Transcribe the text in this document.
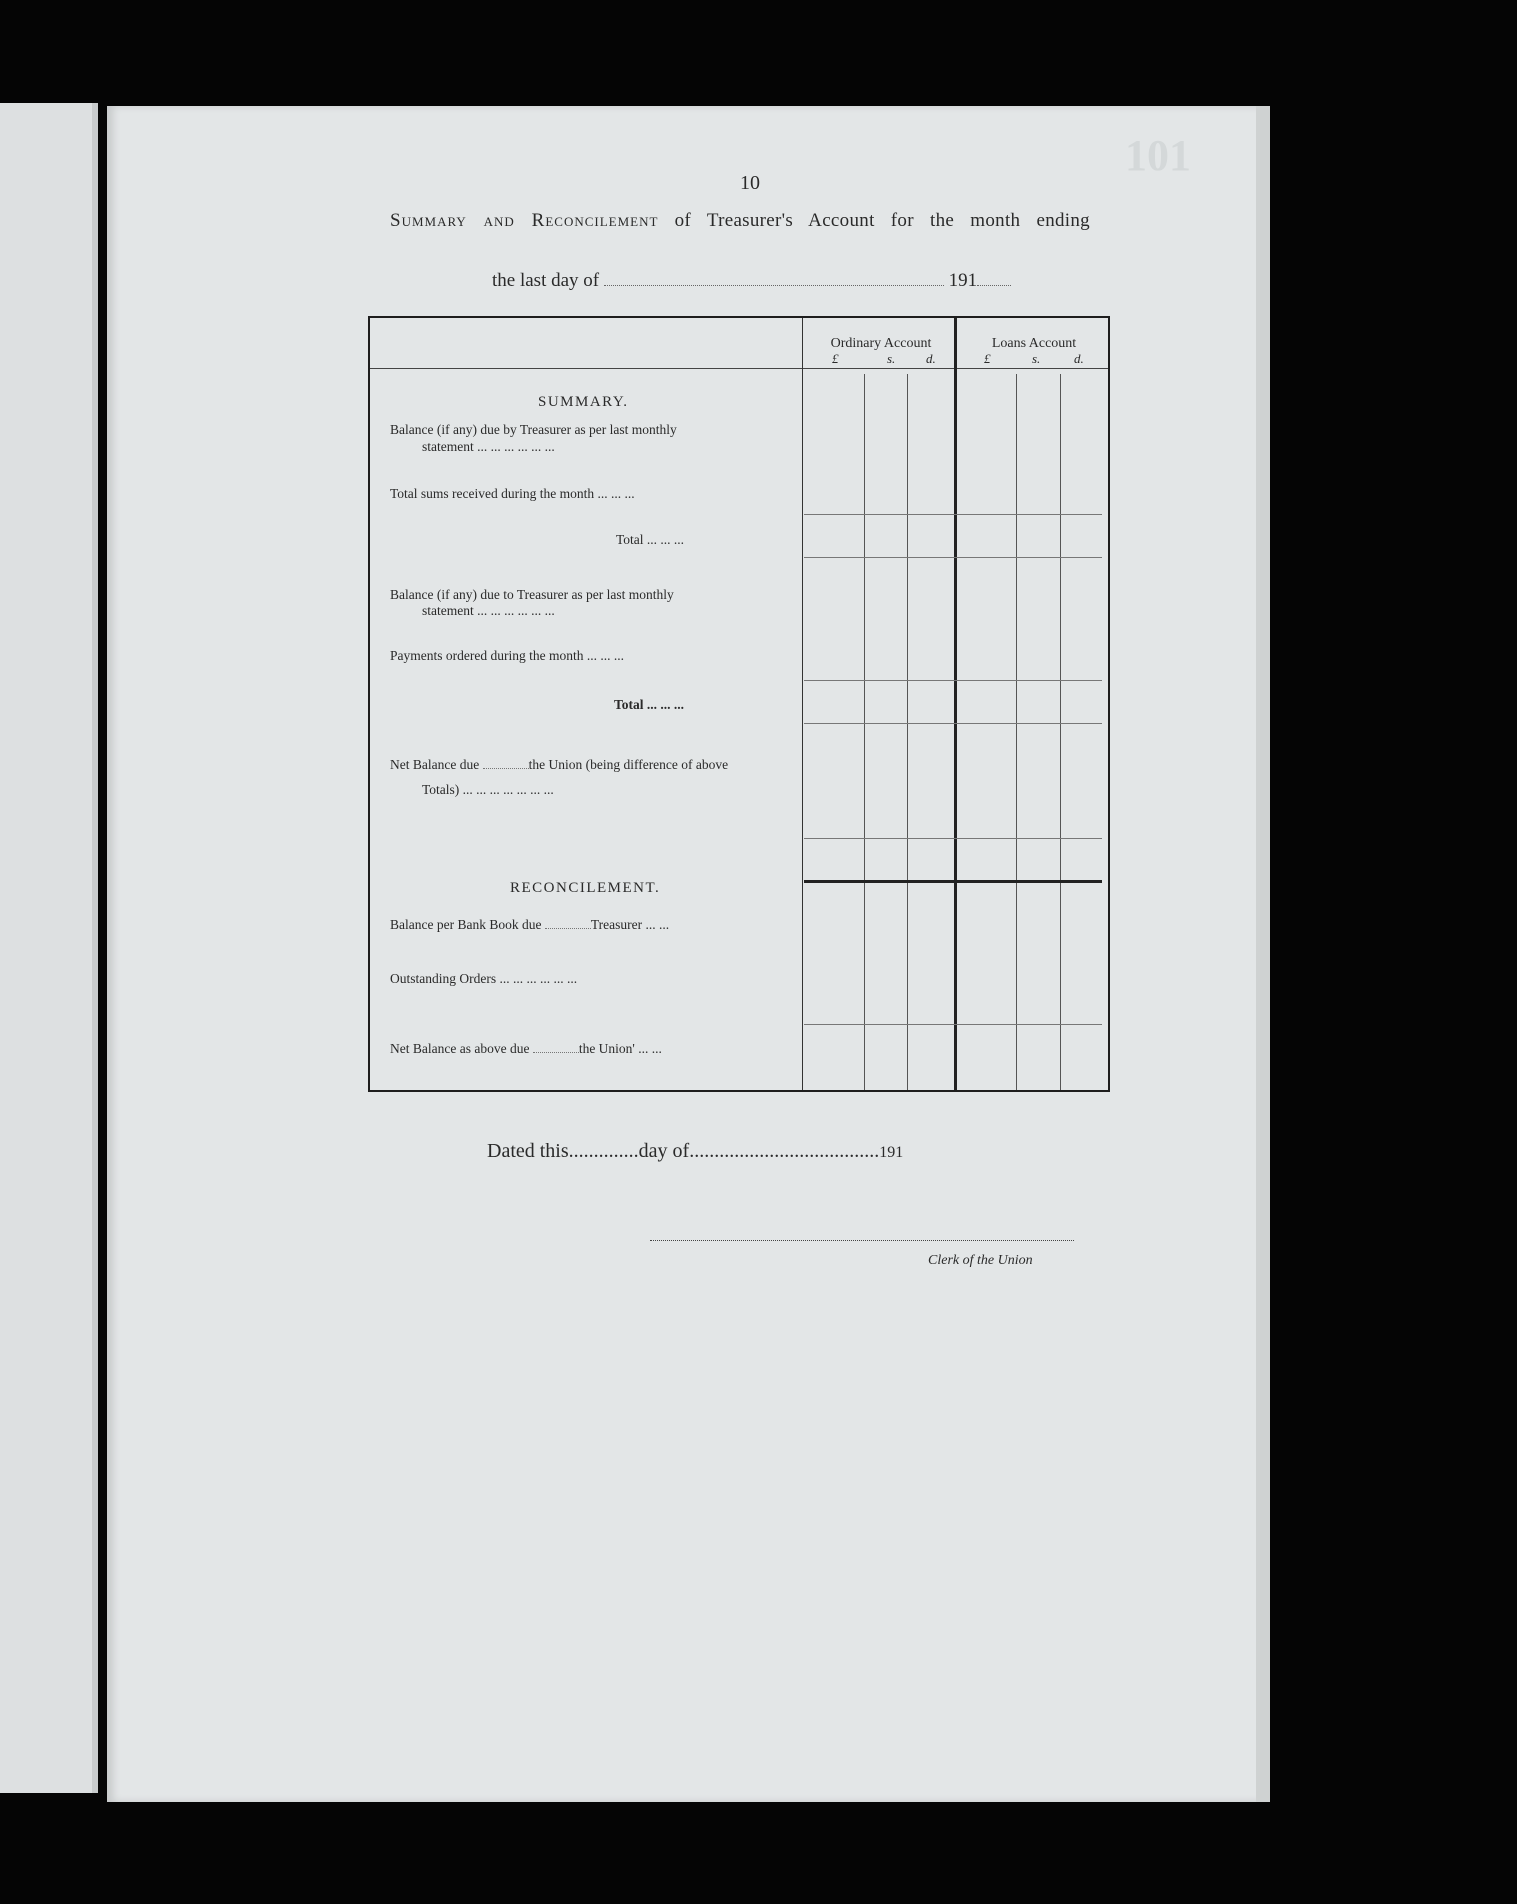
101
10
Summary and Reconcilement of Treasurer's Account for the month ending
the last day of	191
Ordinary Account	Loans Account
£	s. d.	£	s.	d.
SUMMARY.
Balance (if any) due by Treasurer as per last monthly
statement ... ... ... ... ... ...
Total sums received during the month ... ... ...
Total ... ... ...
Balance (if any) due to Treasurer as per last monthly
statement ... ... ... ... ... ...
Payments ordered during the month ... ... ...
Total ... ... ...
Net Balance due	the Union (being difference of above
Totals) ... ... ... ... ... ... ...
RECONCILEMENT.
Balance per Bank Book due	Treasurer ... ...
Outstanding Orders ... ... ... ... ... ...
Net Balance as above due	the Union' ... ...
Dated this..............day of......................................191
Clerk of the Union
